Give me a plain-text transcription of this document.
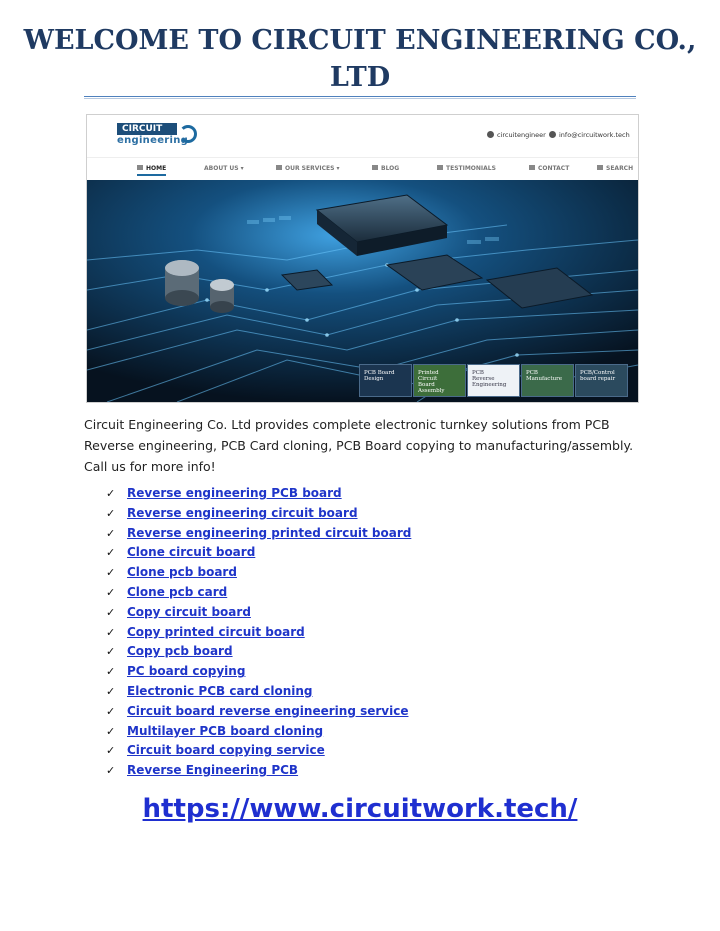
WELCOME TO CIRCUIT ENGINEERING CO., LTD
CIRCUIT
engineering	circuitengineer	info@circuitwork.tech
HOME	ABOUT US ▾	OUR SERVICES ▾	BLOG	TESTIMONIALS	CONTACT	SEARCH
PCB Board
Design
Printed
Circuit
Board
Assembly
PCB
Reverse
Engineering
PCB
Manufacture
PCB/Control
board repair

Circuit Engineering Co. Ltd provides complete electronic turnkey solutions from PCB Reverse engineering, PCB Card cloning, PCB Board copying to manufacturing/assembly. Call us for more info!

✓ Reverse engineering PCB board
✓ Reverse engineering circuit board
✓ Reverse engineering printed circuit board
✓ Clone circuit board
✓ Clone pcb board
✓ Clone pcb card
✓ Copy circuit board
✓ Copy printed circuit board
✓ Copy pcb board
✓ PC board copying
✓ Electronic PCB card cloning
✓ Circuit board reverse engineering service
✓ Multilayer PCB board cloning
✓ Circuit board copying service
✓ Reverse Engineering PCB
https://www.circuitwork.tech/
